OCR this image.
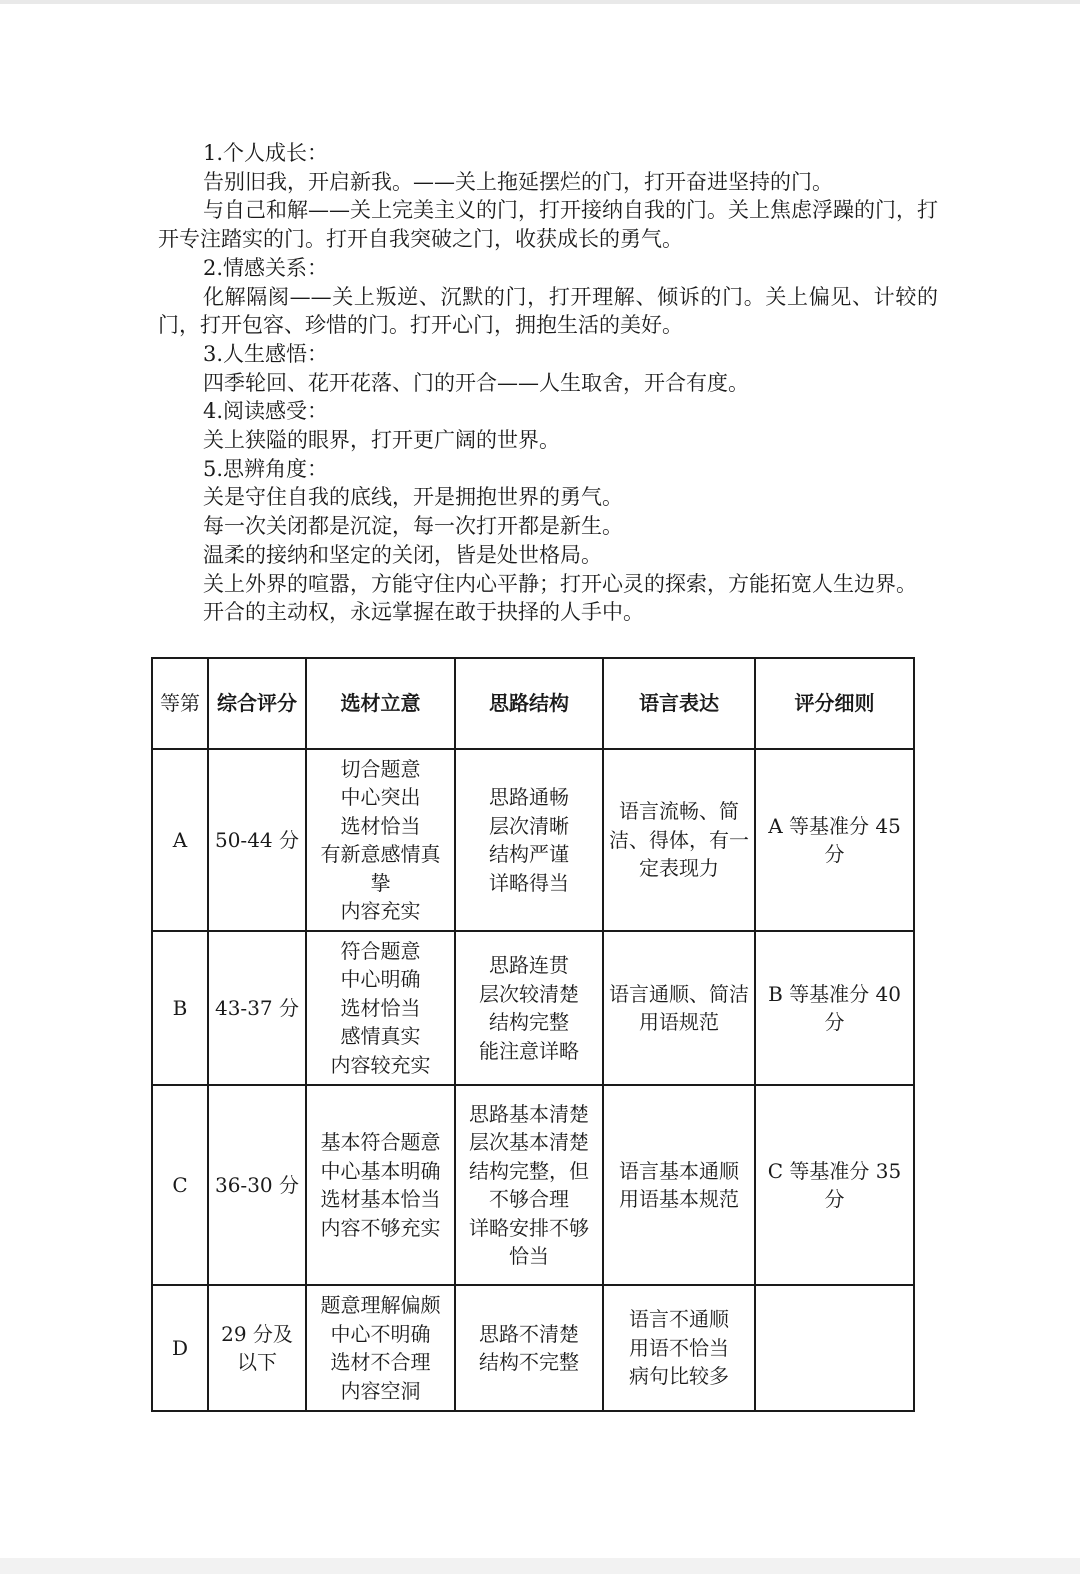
1.个人成长：

告别旧我，开启新我。——关上拖延摆烂的门，打开奋进坚持的门。

与自己和解——关上完美主义的门，打开接纳自我的门。关上焦虑浮躁的门，打开专注踏实的门。打开自我突破之门，收获成长的勇气。

2.情感关系：

化解隔阂——关上叛逆、沉默的门，打开理解、倾诉的门。关上偏见、计较的门，打开包容、珍惜的门。打开心门，拥抱生活的美好。

3.人生感悟：

四季轮回、花开花落、门的开合——人生取舍，开合有度。

4.阅读感受：

关上狭隘的眼界，打开更广阔的世界。

5.思辨角度：

关是守住自我的底线，开是拥抱世界的勇气。

每一次关闭都是沉淀，每一次打开都是新生。

温柔的接纳和坚定的关闭，皆是处世格局。

关上外界的喧嚣，方能守住内心平静；打开心灵的探索，方能拓宽人生边界。

开合的主动权，永远掌握在敢于抉择的人手中。

等第	综合评分	选材立意	思路结构	语言表达	评分细则
A	50-44 分	切合题意
中心突出
选材恰当
有新意感情真挚
内容充实	思路通畅
层次清晰
结构严谨
详略得当	语言流畅、简洁、得体，有一定表现力	A 等基准分 45 分
B	43-37 分	符合题意
中心明确
选材恰当
感情真实
内容较充实	思路连贯
层次较清楚
结构完整
能注意详略	语言通顺、简洁
用语规范	B 等基准分 40 分
C	36-30 分	基本符合题意
中心基本明确
选材基本恰当
内容不够充实	思路基本清楚
层次基本清楚
结构完整，但不够合理
详略安排不够恰当	语言基本通顺
用语基本规范	C 等基准分 35 分
D	29 分及以下	题意理解偏颇
中心不明确
选材不合理
内容空洞	思路不清楚
结构不完整	语言不通顺
用语不恰当
病句比较多	
